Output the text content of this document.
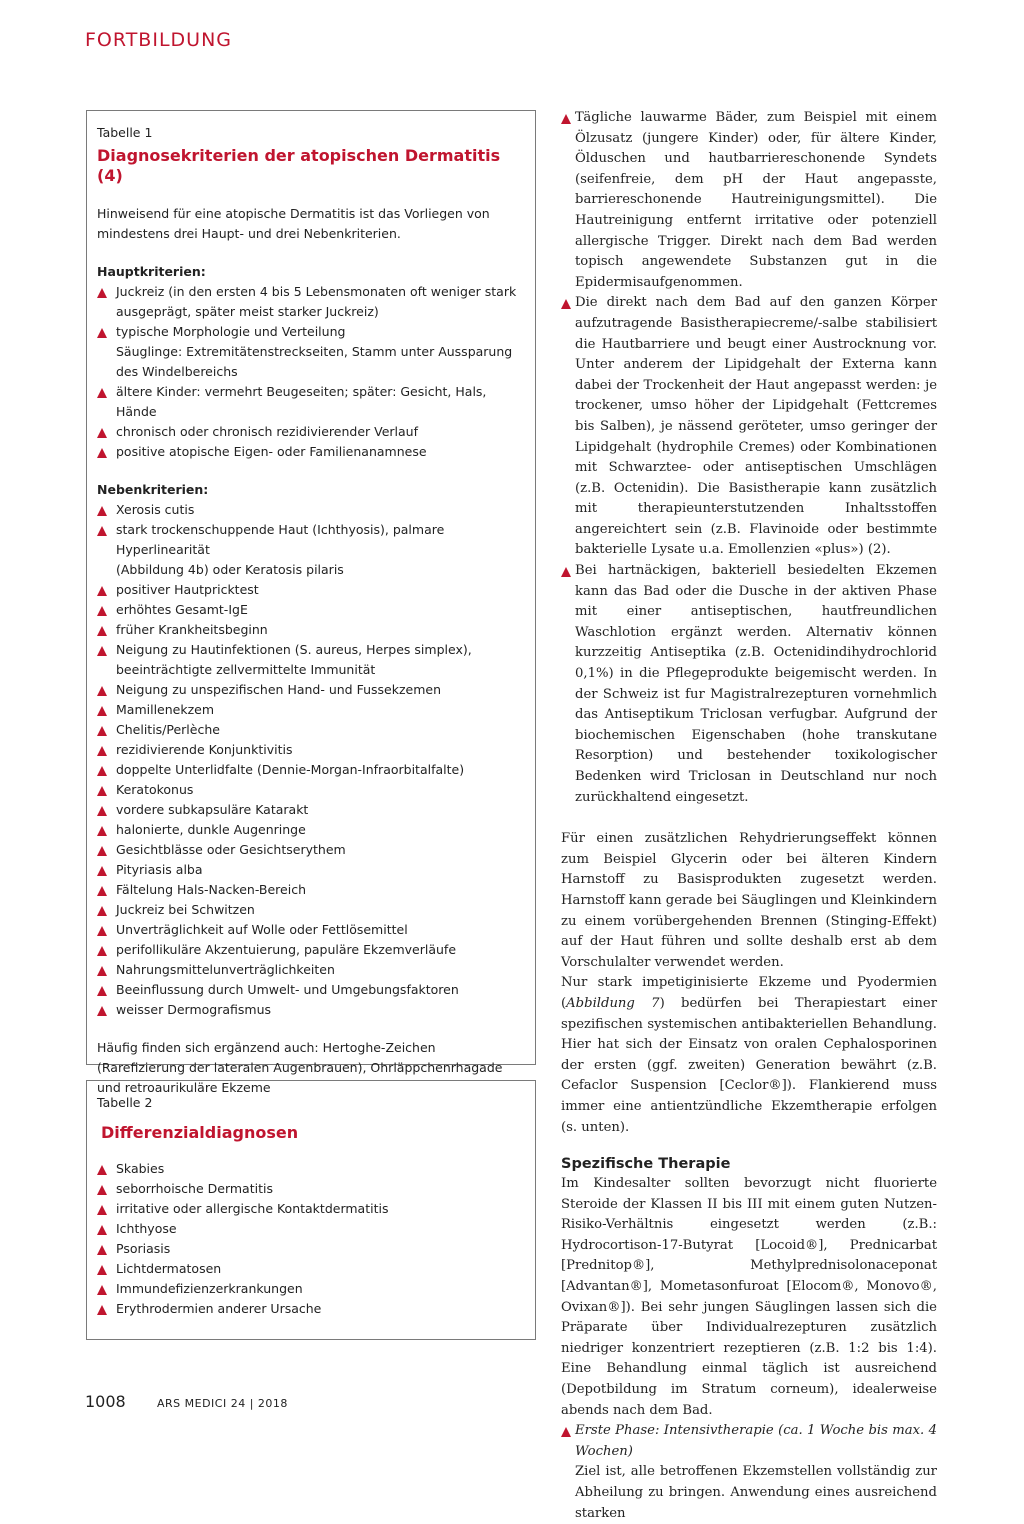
FORTBILDUNG
Tabelle 1
Diagnosekriterien der atopischen Dermatitis (4)
Hinweisend für eine atopische Dermatitis ist das Vorliegen von mindestens drei Haupt- und drei Nebenkriterien.
Hauptkriterien:
Juckreiz (in den ersten 4 bis 5 Lebensmonaten oft weniger stark ausgeprägt, später meist starker Juckreiz)
typische Morphologie und Verteilung
Säuglinge: Extremitätenstreckseiten, Stamm unter Aussparung des Windelbereichs
ältere Kinder: vermehrt Beugeseiten; später: Gesicht, Hals, Hände
chronisch oder chronisch rezidivierender Verlauf
positive atopische Eigen- oder Familienanamnese
Nebenkriterien:
Xerosis cutis
stark trockenschuppende Haut (Ichthyosis), palmare Hyperlinearität
(Abbildung 4b) oder Keratosis pilaris
positiver Hautpricktest
erhöhtes Gesamt-IgE
früher Krankheitsbeginn
Neigung zu Hautinfektionen (S. aureus, Herpes simplex), beeinträchtigte zellvermittelte Immunität
Neigung zu unspezifischen Hand- und Fussekzemen
Mamillenekzem
Chelitis/Perlèche
rezidivierende Konjunktivitis
doppelte Unterlidfalte (Dennie-Morgan-Infraorbitalfalte)
Keratokonus
vordere subkapsuläre Katarakt
halonierte, dunkle Augenringe
Gesichtblässe oder Gesichtserythem
Pityriasis alba
Fältelung Hals-Nacken-Bereich
Juckreiz bei Schwitzen
Unverträglichkeit auf Wolle oder Fettlösemittel
perifollikuläre Akzentuierung, papuläre Ekzemverläufe
Nahrungsmittelunverträglichkeiten
Beeinflussung durch Umwelt- und Umgebungsfaktoren
weisser Dermografismus
Häufig finden sich ergänzend auch: Hertoghe-Zeichen (Rarefizierung der lateralen Augenbrauen), Ohrläppchenrhagade und retroaurikuläre Ekzeme
Tabelle 2
Differenzialdiagnosen
Skabies
seborrhoische Dermatitis
irritative oder allergische Kontaktdermatitis
Ichthyose
Psoriasis
Lichtdermatosen
Immundefizienzerkrankungen
Erythrodermien anderer Ursache

Tägliche lauwarme Bäder, zum Beispiel mit einem Ölzusatz (jungere Kinder) oder, für ältere Kinder, Ölduschen und hautbarriereschonende Syndets (seifenfreie, dem pH der Haut angepasste, barriereschonende Hautreinigungsmittel). Die Hautreinigung entfernt irritative oder potenziell allergische Trigger. Direkt nach dem Bad werden topisch angewendete Substanzen gut in die Epidermisaufgenommen.

Die direkt nach dem Bad auf den ganzen Körper aufzutragende Basistherapiecreme/-salbe stabilisiert die Hautbarriere und beugt einer Austrocknung vor. Unter anderem der Lipidgehalt der Externa kann dabei der Trockenheit der Haut angepasst werden: je trockener, umso höher der Lipidgehalt (Fettcremes bis Salben), je nässend geröteter, umso geringer der Lipidgehalt (hydrophile Cremes) oder Kombinationen mit Schwarztee- oder antiseptischen Umschlägen (z.B. Octenidin). Die Basistherapie kann zusätzlich mit therapieunterstutzenden Inhaltsstoffen angereichtert sein (z.B. Flavinoide oder bestimmte bakterielle Lysate u.a. Emollenzien «plus») (2).

Bei hartnäckigen, bakteriell besiedelten Ekzemen kann das Bad oder die Dusche in der aktiven Phase mit einer antiseptischen, hautfreundlichen Waschlotion ergänzt werden. Alternativ können kurzzeitig Antiseptika (z.B. Octenidindihydrochlorid 0,1%) in die Pflegeprodukte beigemischt werden. In der Schweiz ist fur Magistralrezepturen vornehmlich das Antiseptikum Triclosan verfugbar. Aufgrund der biochemischen Eigenschaben (hohe transkutane Resorption) und bestehender toxikologischer Bedenken wird Triclosan in Deutschland nur noch zurückhaltend eingesetzt.

Für einen zusätzlichen Rehydrierungseffekt können zum Beispiel Glycerin oder bei älteren Kindern Harnstoff zu Basisprodukten zugesetzt werden. Harnstoff kann gerade bei Säuglingen und Kleinkindern zu einem vorübergehenden Brennen (Stinging-Effekt) auf der Haut führen und sollte deshalb erst ab dem Vorschulalter verwendet werden.

Nur stark impetiginisierte Ekzeme und Pyodermien (Abbildung 7) bedürfen bei Therapiestart einer spezifischen systemischen antibakteriellen Behandlung. Hier hat sich der Einsatz von oralen Cephalosporinen der ersten (ggf. zweiten) Generation bewährt (z.B. Cefaclor Suspension [Ceclor®]). Flankierend muss immer eine antientzündliche Ekzemtherapie erfolgen (s. unten).

Spezifische Therapie

Im Kindesalter sollten bevorzugt nicht fluorierte Steroide der Klassen II bis III mit einem guten Nutzen-Risiko-Verhältnis eingesetzt werden (z.B.: Hydrocortison-17-Butyrat [Locoid®], Prednicarbat [Prednitop®], Methylprednisolonacеponat [Advantan®], Mometasonfuroat [Elocom®, Monovo®, Ovixan®]). Bei sehr jungen Säuglingen lassen sich die Präparate über Individualrezepturen zusätzlich niedriger konzentriert rezeptieren (z.B. 1:2 bis 1:4). Eine Behandlung einmal täglich ist ausreichend (Depotbildung im Stratum corneum), idealerweise abends nach dem Bad.

Erste Phase: Intensivtherapie (ca. 1 Woche bis max. 4 Wochen)

Ziel ist, alle betroffenen Ekzemstellen vollständig zur Abheilung zu bringen. Anwendung eines ausreichend starken

1008	ARS MEDICI 24 | 2018
